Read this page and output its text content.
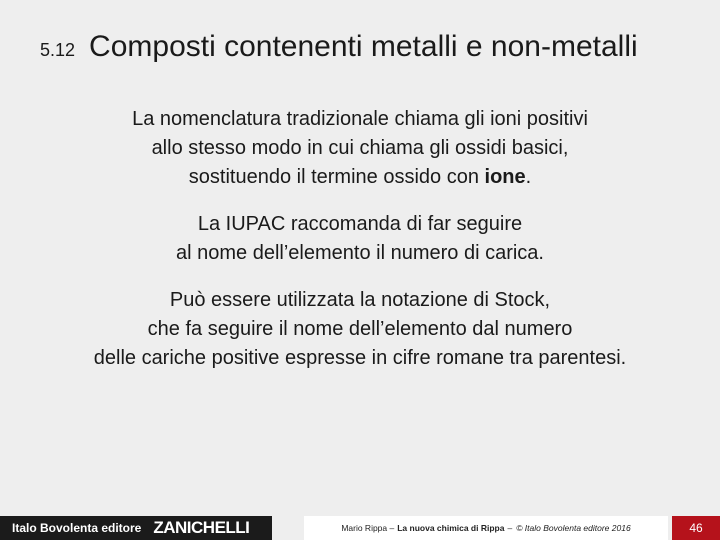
5.12 Composti contenenti metalli e non-metalli
La nomenclatura tradizionale chiama gli ioni positivi
allo stesso modo in cui chiama gli ossidi basici,
sostituendo il termine ossido con ione.
La IUPAC raccomanda di far seguire
al nome dell’elemento il numero di carica.
Può essere utilizzata la notazione di Stock,
che fa seguire il nome dell’elemento dal numero
delle cariche positive espresse in cifre romane tra parentesi.
Italo Bovolenta editore ZANICHELLI	Mario Rippa – La nuova chimica di Rippa – © Italo Bovolenta editore 2016	46
